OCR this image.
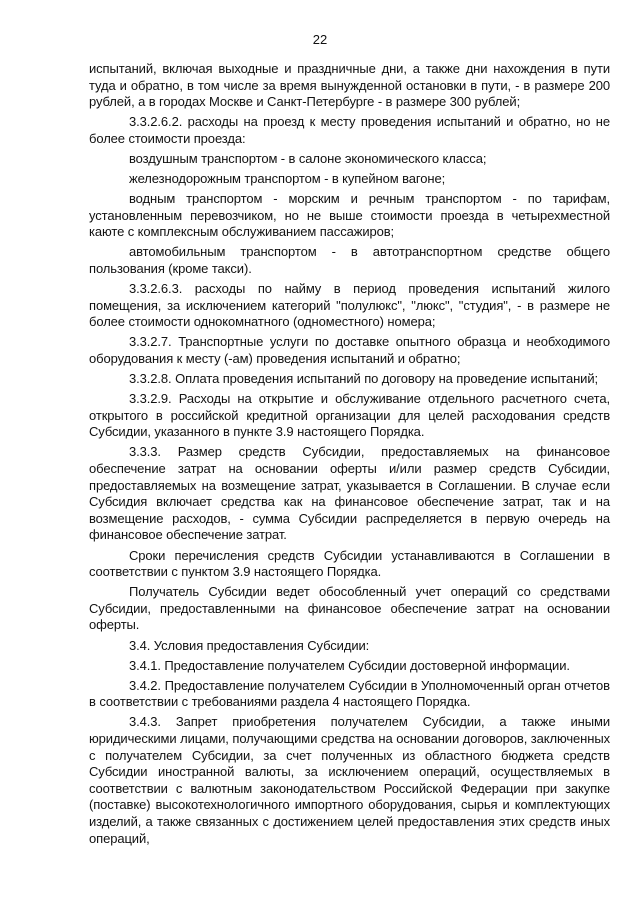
22

испытаний, включая выходные и праздничные дни, а также дни нахождения в пути туда и обратно, в том числе за время вынужденной остановки в пути, - в размере 200 рублей, а в городах Москве и Санкт-Петербурге - в размере 300 рублей;

3.3.2.6.2. расходы на проезд к месту проведения испытаний и обратно, но не более стоимости проезда:

воздушным транспортом - в салоне экономического класса;

железнодорожным транспортом - в купейном вагоне;

водным транспортом - морским и речным транспортом - по тарифам, установленным перевозчиком, но не выше стоимости проезда в четырехместной каюте с комплексным обслуживанием пассажиров;

автомобильным транспортом - в автотранспортном средстве общего пользования (кроме такси).

3.3.2.6.3. расходы по найму в период проведения испытаний жилого помещения, за исключением категорий "полулюкс", "люкс", "студия", - в размере не более стоимости однокомнатного (одноместного) номера;

3.3.2.7. Транспортные услуги по доставке опытного образца и необходимого оборудования к месту (-ам) проведения испытаний и обратно;

3.3.2.8. Оплата проведения испытаний по договору на проведение испытаний;

3.3.2.9. Расходы на открытие и обслуживание отдельного расчетного счета, открытого в российской кредитной организации для целей расходования средств Субсидии, указанного в пункте 3.9 настоящего Порядка.

3.3.3. Размер средств Субсидии, предоставляемых на финансовое обеспечение затрат на основании оферты и/или размер средств Субсидии, предоставляемых на возмещение затрат, указывается в Соглашении. В случае если Субсидия включает средства как на финансовое обеспечение затрат, так и на возмещение расходов, - сумма Субсидии распределяется в первую очередь на финансовое обеспечение затрат.

Сроки перечисления средств Субсидии устанавливаются в Соглашении в соответствии с пунктом 3.9 настоящего Порядка.

Получатель Субсидии ведет обособленный учет операций со средствами Субсидии, предоставленными на финансовое обеспечение затрат на основании оферты.

3.4. Условия предоставления Субсидии:

3.4.1. Предоставление получателем Субсидии достоверной информации.

3.4.2. Предоставление получателем Субсидии в Уполномоченный орган отчетов в соответствии с требованиями раздела 4 настоящего Порядка.

3.4.3. Запрет приобретения получателем Субсидии, а также иными юридическими лицами, получающими средства на основании договоров, заключенных с получателем Субсидии, за счет полученных из областного бюджета средств Субсидии иностранной валюты, за исключением операций, осуществляемых в соответствии с валютным законодательством Российской Федерации при закупке (поставке) высокотехнологичного импортного оборудования, сырья и комплектующих изделий, а также связанных с достижением целей предоставления этих средств иных операций,
